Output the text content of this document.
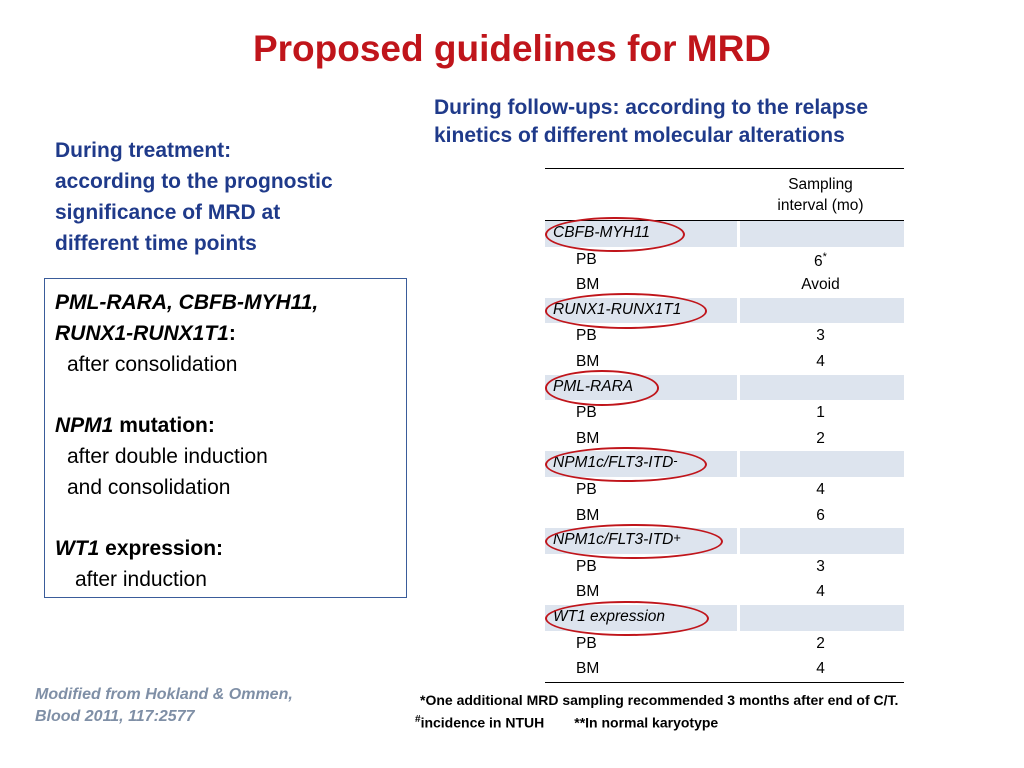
Proposed guidelines for MRD
During treatment:
according to the prognostic
significance of MRD at
different time points
During follow-ups: according to the relapse
kinetics of different molecular alterations
PML-RARA, CBFB-MYH11,
RUNX1-RUNX1T1:
after consolidation
NPM1 mutation:
after double induction
and consolidation
WT1 expression:
after induction
Sampling
interval (mo)
CBFB-MYH11
PB	6*
BM	Avoid
RUNX1-RUNX1T1
PB	3
BM	4
PML-RARA
PB	1
BM	2
NPM1c/FLT3-ITD -
PB	4
BM	6
NPM1c/FLT3-ITD +
PB	3
BM	4
WT1 expression
PB	2
BM	4
*One additional MRD sampling recommended 3 months after end of C/T.
#incidence in NTUH **In normal karyotype
Modified from Hokland & Ommen,
Blood 2011, 117:2577
